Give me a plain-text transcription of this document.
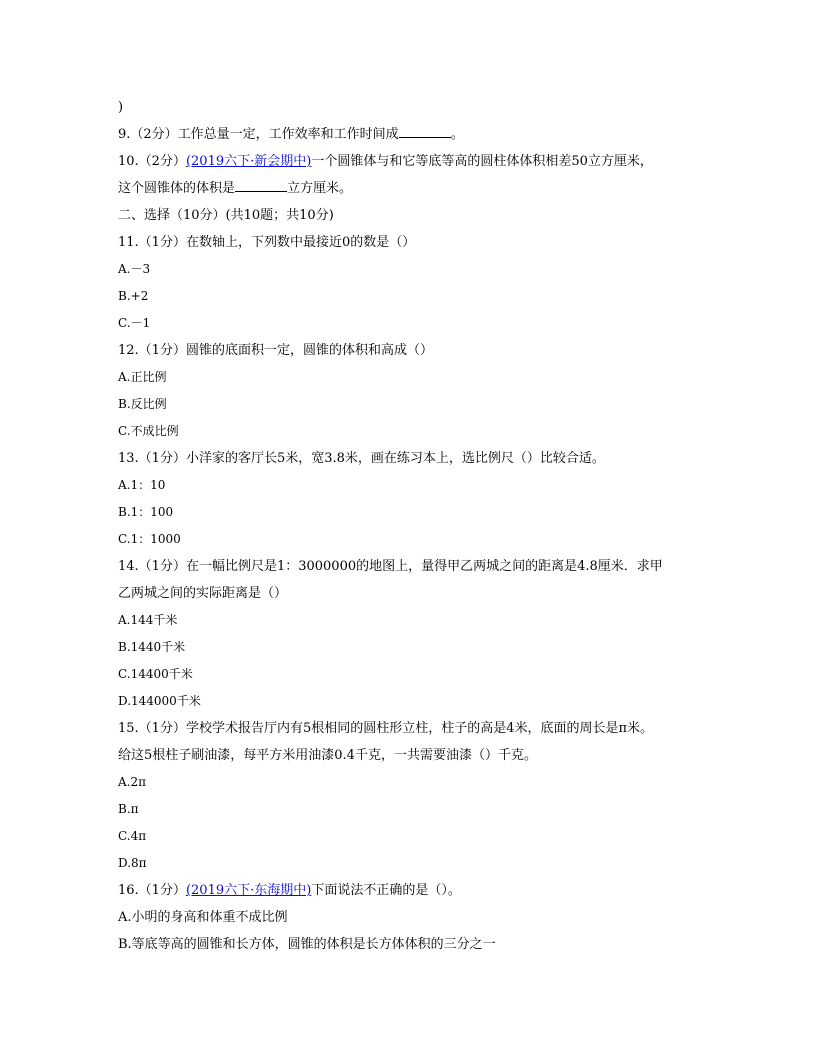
)
9.（2分）工作总量一定，工作效率和工作时间成	。
10.（2分）(2019六下·新会期中)一个圆锥体与和它等底等高的圆柱体体积相差50立方厘米，
这个圆锥体的体积是	立方厘米。
二、选择（10分）(共10题；共10分)
11.（1分）在数轴上，下列数中最接近0的数是（）
A.－3
B.+2
C.－1
12.（1分）圆锥的底面积一定，圆锥的体积和高成（）
A.正比例
B.反比例
C.不成比例
13.（1分）小洋家的客厅长5米，宽3.8米，画在练习本上，选比例尺（）比较合适。
A.1：10
B.1：100
C.1：1000
14.（1分）在一幅比例尺是1：3000000的地图上，量得甲乙两城之间的距离是4.8厘米．求甲
乙两城之间的实际距离是（）
A.144千米
B.1440千米
C.14400千米
D.144000千米
15.（1分）学校学术报告厅内有5根相同的圆柱形立柱，柱子的高是4米，底面的周长是π米。
给这5根柱子刷油漆，每平方米用油漆0.4千克，一共需要油漆（）千克。
A.2π
B.π
C.4π
D.8π
16.（1分）(2019六下·东海期中)下面说法不正确的是（）。
A.小明的身高和体重不成比例
B.等底等高的圆锥和长方体，圆锥的体积是长方体体积的三分之一
